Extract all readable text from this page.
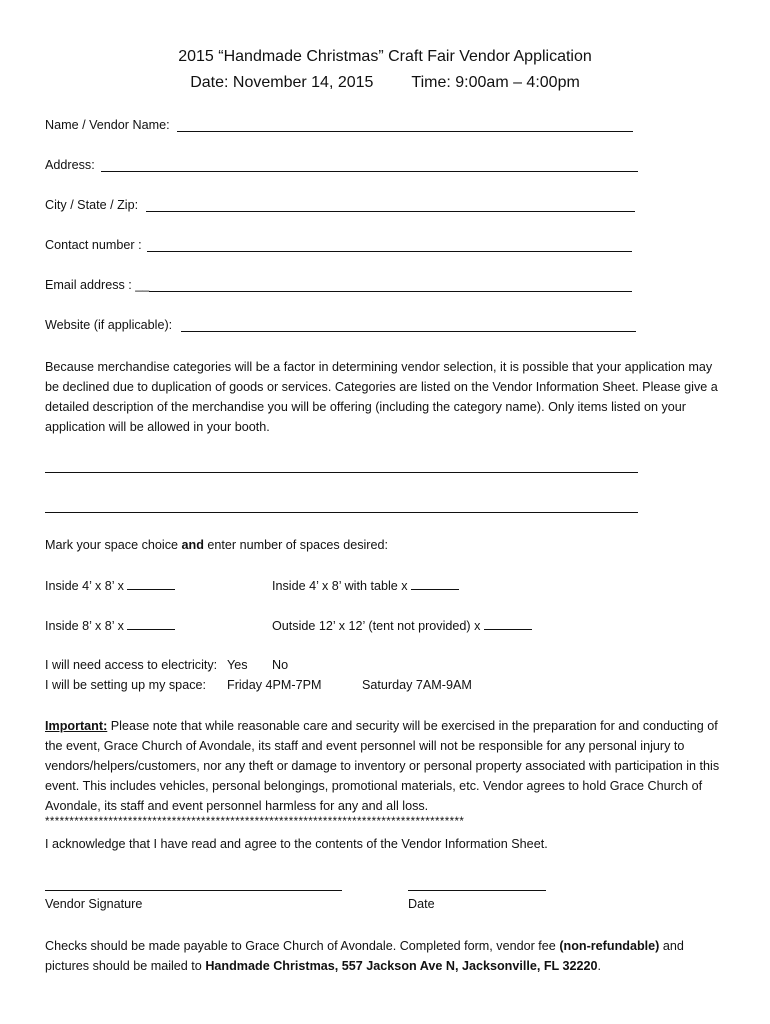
2015 “Handmade Christmas” Craft Fair Vendor Application
Date: November 14, 2015 Time: 9:00am – 4:00pm
Name / Vendor Name:
Address:
City / State / Zip:
Contact number :
Email address : __
Website (if applicable):
Because merchandise categories will be a factor in determining vendor selection, it is possible that your application may be declined due to duplication of goods or services. Categories are listed on the Vendor Information Sheet. Please give a detailed description of the merchandise you will be offering (including the category name). Only items listed on your application will be allowed in your booth.
Mark your space choice and enter number of spaces desired:
Inside 4’ x 8’ x	Inside 4’ x 8’ with table x
Inside 8’ x 8’ x	Outside 12’ x 12’ (tent not provided) x
I will need access to electricity: Yes No
I will be setting up my space: Friday 4PM-7PM	Saturday 7AM-9AM
Important: Please note that while reasonable care and security will be exercised in the preparation for and conducting of the event, Grace Church of Avondale, its staff and event personnel will not be responsible for any personal injury to vendors/helpers/customers, nor any theft or damage to inventory or personal property associated with participation in this event. This includes vehicles, personal belongings, promotional materials, etc. Vendor agrees to hold Grace Church of Avondale, its staff and event personnel harmless for any and all loss.
**************************************************************************************
I acknowledge that I have read and agree to the contents of the Vendor Information Sheet.
Vendor Signature	Date
Checks should be made payable to Grace Church of Avondale. Completed form, vendor fee (non-refundable) and pictures should be mailed to Handmade Christmas, 557 Jackson Ave N, Jacksonville, FL 32220.
